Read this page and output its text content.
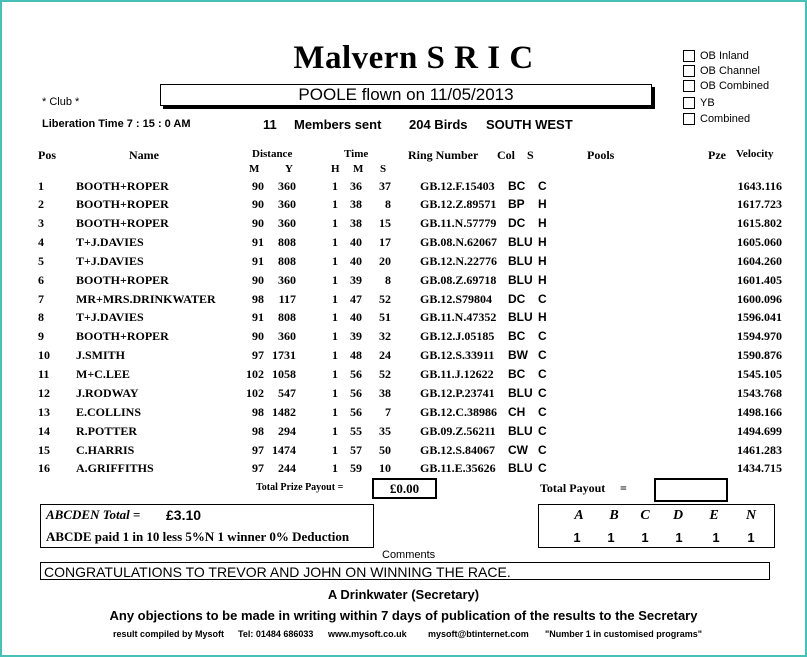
Malvern S R I C
POOLE flown on 11/05/2013
* Club *
OB Inland
OB Channel
OB Combined
YB
Combined
Liberation Time 7 : 15 : 0 AM	11 Members sent 204 Birds SOUTH WEST
Pos	Name	Distance	Time	Ring Number Col S	Pools	Pze Velocity
M Y	H M S
1	BOOTH+ROPER	90	360	1	36	37 GB.12.F.15403 BC C	1643.116
2	BOOTH+ROPER	90	360	1	38	8 GB.12.Z.89571 BP H	1617.723
3	BOOTH+ROPER	90	360	1	38	15 GB.11.N.57779 DC H	1615.802
4	T+J.DAVIES	91	808	1	40	17 GB.08.N.62067 BLU H	1605.060
5	T+J.DAVIES	91	808	1	40	20 GB.12.N.22776 BLU H	1604.260
6	BOOTH+ROPER	90	360	1	39	8 GB.08.Z.69718 BLU H	1601.405
7	MR+MRS.DRINKWATER	98	117	1	47	52 GB.12.S79804 DC C	1600.096
8	T+J.DAVIES	91	808	1	40	51 GB.11.N.47352 BLU H	1596.041
9	BOOTH+ROPER	90	360	1	39	32 GB.12.J.05185 BC C	1594.970
10 J.SMITH	97 1731	1	48	24 GB.12.S.33911 BW C	1590.876
11 M+C.LEE	102 1058	1	56	52 GB.11.J.12622 BC C	1545.105
12 J.RODWAY	102	547	1	56	38 GB.12.P.23741 BLU C	1543.768
13 E.COLLINS	98 1482	1	56	7 GB.12.C.38986 CH C	1498.166
14 R.POTTER	98	294	1	55	35 GB.09.Z.56211 BLU C	1494.699
15 C.HARRIS	97 1474	1	57	50 GB.12.S.84067 CW C	1461.283
16 A.GRIFFITHS	97	244	1	59	10 GB.11.E.35626 BLU C	1434.715
Total Prize Payout =	£0.00	Total Payout =
ABCDEN Total = £3.10
ABCDE paid 1 in 10 less 5%N 1 winner 0% Deduction
A	B	C	D	E	N
1	1	1	1	1	1
Comments
CONGRATULATIONS TO TREVOR AND JOHN ON WINNING THE RACE.
A Drinkwater (Secretary)
Any objections to be made in writing within 7 days of publication of the results to the Secretary
result compiled by Mysoft Tel: 01484 686033 www.mysoft.co.uk mysoft@btinternet.com "Number 1 in customised programs"
